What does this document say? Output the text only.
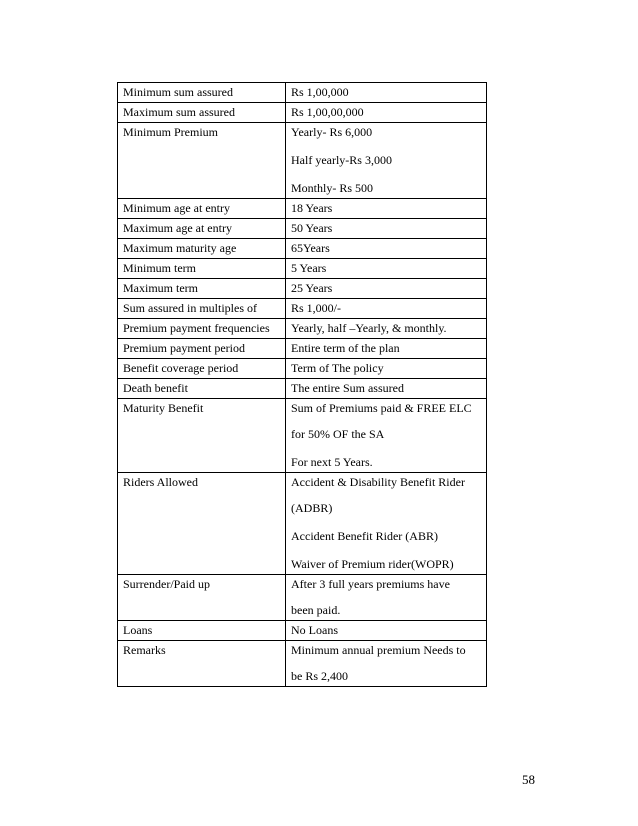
Minimum sum assured	Rs 1,00,000

Maximum sum assured	Rs 1,00,00,000

Minimum Premium	Yearly- Rs 6,000
Half yearly-Rs 3,000
Monthly- Rs 500

Minimum age at entry	18 Years

Maximum age at entry	50 Years

Maximum maturity age	65Years

Minimum term	5 Years

Maximum term	25 Years

Sum assured in multiples of	Rs 1,000/-

Premium payment frequencies	Yearly, half –Yearly, & monthly.

Premium payment period	Entire term of the plan

Benefit coverage period	Term of The policy

Death benefit	The entire Sum assured

Maturity Benefit	Sum of Premiums paid & FREE ELC
for 50% OF the SA
For next 5 Years.

Riders Allowed	Accident & Disability Benefit Rider
(ADBR)
Accident Benefit Rider (ABR)
Waiver of Premium rider(WOPR)

Surrender/Paid up	After 3 full years premiums have
been paid.

Loans	No Loans

Remarks	Minimum annual premium Needs to
be Rs 2,400
58
